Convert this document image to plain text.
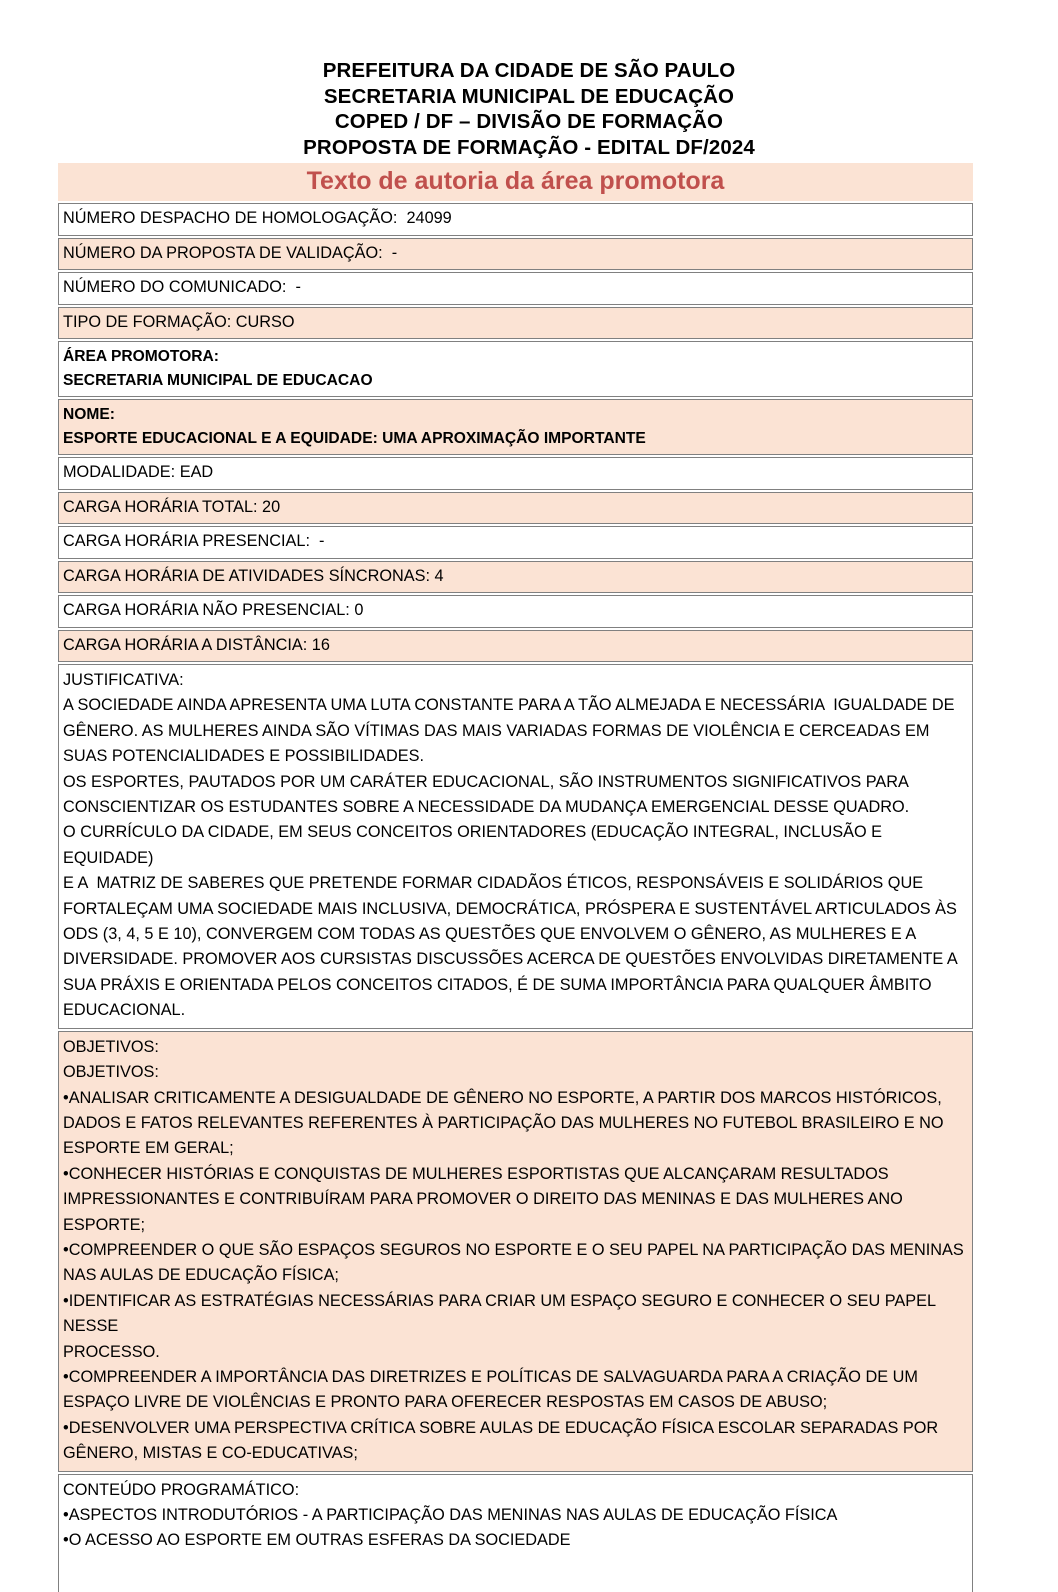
PREFEITURA DA CIDADE DE SÃO PAULO
SECRETARIA MUNICIPAL DE EDUCAÇÃO
COPED / DF – DIVISÃO DE FORMAÇÃO
PROPOSTA DE FORMAÇÃO - EDITAL DF/2024
Texto de autoria da área promotora
NÚMERO DESPACHO DE HOMOLOGAÇÃO:  24099
NÚMERO DA PROPOSTA DE VALIDAÇÃO:  -
NÚMERO DO COMUNICADO:  -
TIPO DE FORMAÇÃO: CURSO
ÁREA PROMOTORA:
SECRETARIA MUNICIPAL DE EDUCACAO
NOME:
ESPORTE EDUCACIONAL E A EQUIDADE: UMA APROXIMAÇÃO IMPORTANTE
MODALIDADE: EAD
CARGA HORÁRIA TOTAL: 20
CARGA HORÁRIA PRESENCIAL:  -
CARGA HORÁRIA DE ATIVIDADES SÍNCRONAS: 4
CARGA HORÁRIA NÃO PRESENCIAL: 0
CARGA HORÁRIA A DISTÂNCIA: 16
JUSTIFICATIVA:
A SOCIEDADE AINDA APRESENTA UMA LUTA CONSTANTE PARA A TÃO ALMEJADA E NECESSÁRIA  IGUALDADE DE
GÊNERO. AS MULHERES AINDA SÃO VÍTIMAS DAS MAIS VARIADAS FORMAS DE VIOLÊNCIA E CERCEADAS EM
SUAS POTENCIALIDADES E POSSIBILIDADES.
OS ESPORTES, PAUTADOS POR UM CARÁTER EDUCACIONAL, SÃO INSTRUMENTOS SIGNIFICATIVOS PARA
CONSCIENTIZAR OS ESTUDANTES SOBRE A NECESSIDADE DA MUDANÇA EMERGENCIAL DESSE QUADRO.
O CURRÍCULO DA CIDADE, EM SEUS CONCEITOS ORIENTADORES (EDUCAÇÃO INTEGRAL, INCLUSÃO E EQUIDADE)
E A  MATRIZ DE SABERES QUE PRETENDE FORMAR CIDADÃOS ÉTICOS, RESPONSÁVEIS E SOLIDÁRIOS QUE
FORTALEÇAM UMA SOCIEDADE MAIS INCLUSIVA, DEMOCRÁTICA, PRÓSPERA E SUSTENTÁVEL ARTICULADOS ÀS
ODS (3, 4, 5 E 10), CONVERGEM COM TODAS AS QUESTÕES QUE ENVOLVEM O GÊNERO, AS MULHERES E A
DIVERSIDADE. PROMOVER AOS CURSISTAS DISCUSSÕES ACERCA DE QUESTÕES ENVOLVIDAS DIRETAMENTE A
SUA PRÁXIS E ORIENTADA PELOS CONCEITOS CITADOS, É DE SUMA IMPORTÂNCIA PARA QUALQUER ÂMBITO
EDUCACIONAL.
OBJETIVOS:
OBJETIVOS:
•ANALISAR CRITICAMENTE A DESIGUALDADE DE GÊNERO NO ESPORTE, A PARTIR DOS MARCOS HISTÓRICOS,
DADOS E FATOS RELEVANTES REFERENTES À PARTICIPAÇÃO DAS MULHERES NO FUTEBOL BRASILEIRO E NO
ESPORTE EM GERAL;
•CONHECER HISTÓRIAS E CONQUISTAS DE MULHERES ESPORTISTAS QUE ALCANÇARAM RESULTADOS
IMPRESSIONANTES E CONTRIBUÍRAM PARA PROMOVER O DIREITO DAS MENINAS E DAS MULHERES ANO
ESPORTE;
•COMPREENDER O QUE SÃO ESPAÇOS SEGUROS NO ESPORTE E O SEU PAPEL NA PARTICIPAÇÃO DAS MENINAS
NAS AULAS DE EDUCAÇÃO FÍSICA;
•IDENTIFICAR AS ESTRATÉGIAS NECESSÁRIAS PARA CRIAR UM ESPAÇO SEGURO E CONHECER O SEU PAPEL NESSE
PROCESSO.
•COMPREENDER A IMPORTÂNCIA DAS DIRETRIZES E POLÍTICAS DE SALVAGUARDA PARA A CRIAÇÃO DE UM
ESPAÇO LIVRE DE VIOLÊNCIAS E PRONTO PARA OFERECER RESPOSTAS EM CASOS DE ABUSO;
•DESENVOLVER UMA PERSPECTIVA CRÍTICA SOBRE AULAS DE EDUCAÇÃO FÍSICA ESCOLAR SEPARADAS POR
GÊNERO, MISTAS E CO-EDUCATIVAS;
CONTEÚDO PROGRAMÁTICO:
•ASPECTOS INTRODUTÓRIOS - A PARTICIPAÇÃO DAS MENINAS NAS AULAS DE EDUCAÇÃO FÍSICA
•O ACESSO AO ESPORTE EM OUTRAS ESFERAS DA SOCIEDADE
